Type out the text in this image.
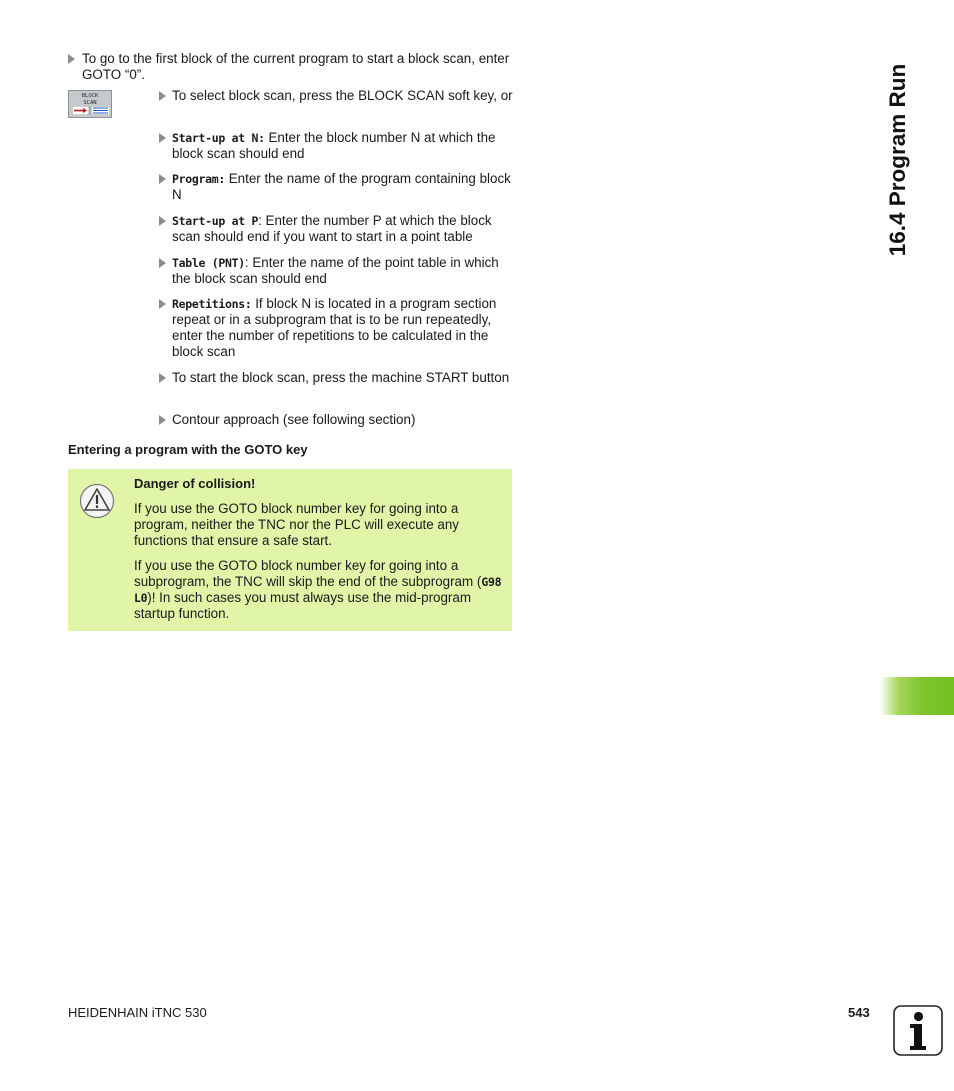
16.4 Program Run
To go to the first block of the current program to start a block scan, enter GOTO “0”.
BLOCK
SCAN	To select block scan, press the BLOCK SCAN soft key, or
Start-up at N: Enter the block number N at which the block scan should end
Program: Enter the name of the program containing block N
Start-up at P: Enter the number P at which the block scan should end if you want to start in a point table
Table (PNT): Enter the name of the point table in which the block scan should end
Repetitions: If block N is located in a program section repeat or in a subprogram that is to be run repeatedly, enter the number of repetitions to be calculated in the block scan
To start the block scan, press the machine START button
Contour approach (see following section)
Entering a program with the GOTO key
Danger of collision!
If you use the GOTO block number key for going into a program, neither the TNC nor the PLC will execute any functions that ensure a safe start.
If you use the GOTO block number key for going into a subprogram, the TNC will skip the end of the subprogram (G98 L0)! In such cases you must always use the mid-program startup function.
HEIDENHAIN iTNC 530	543
